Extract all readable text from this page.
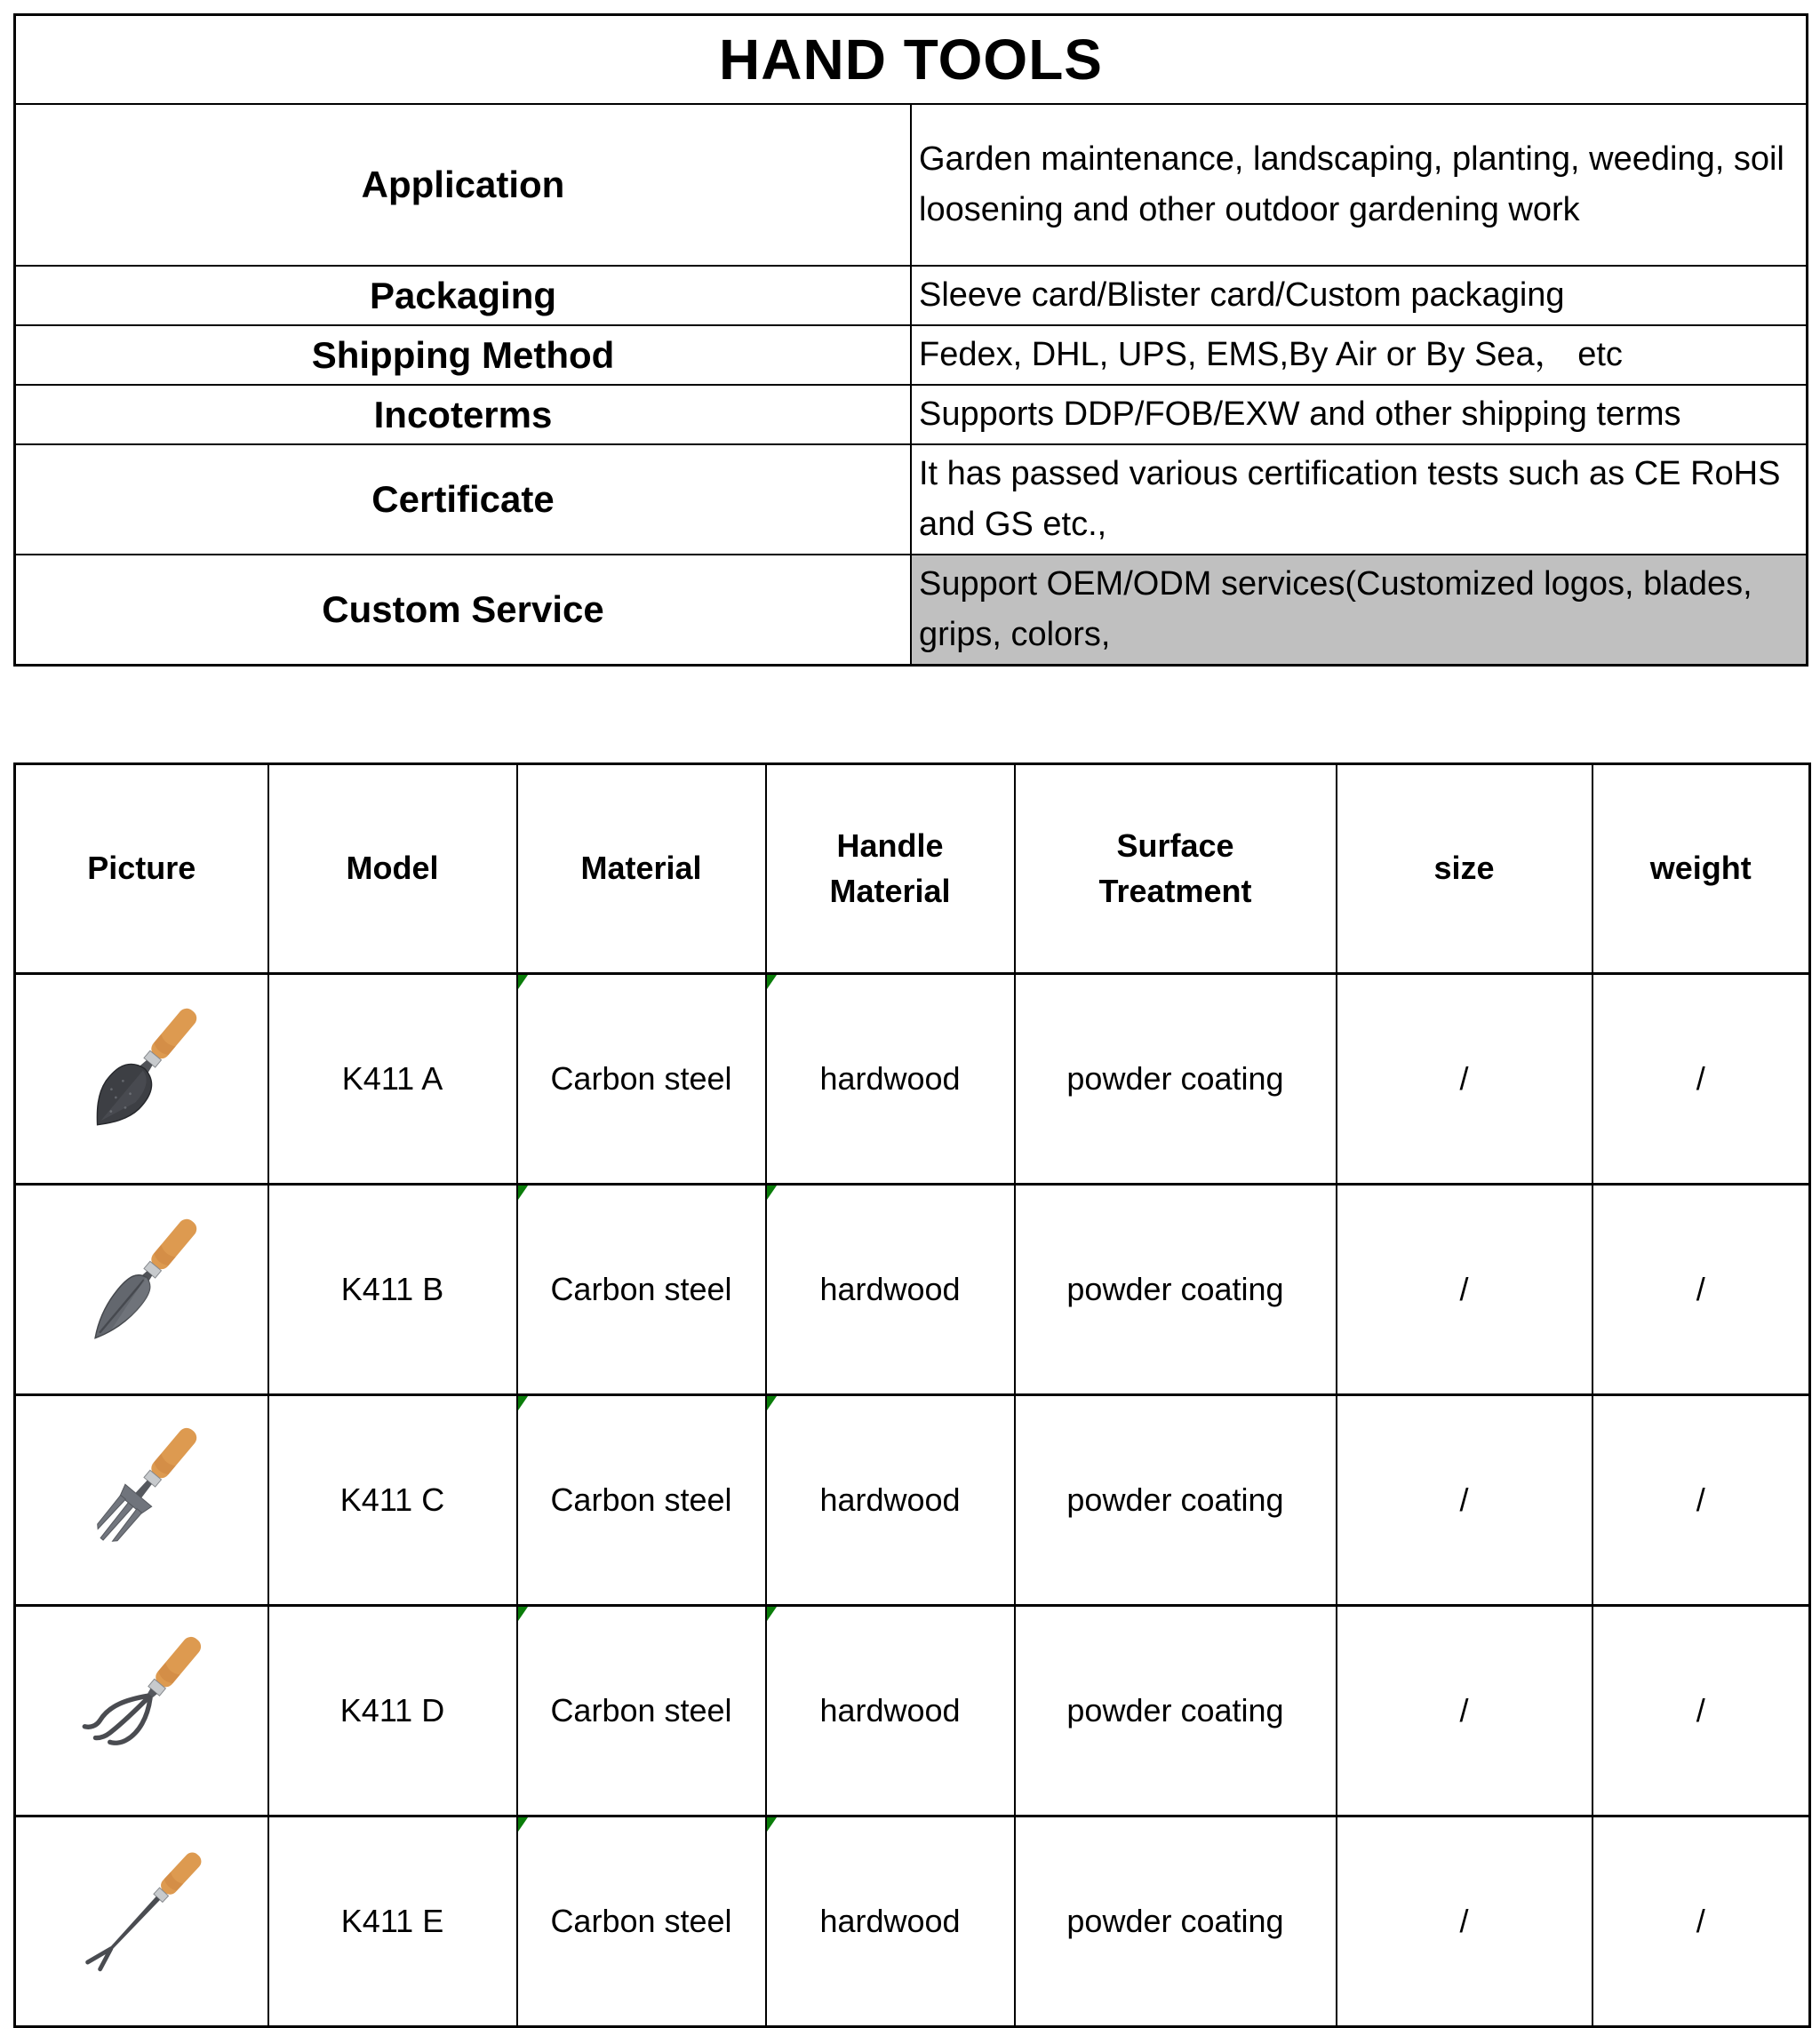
HAND TOOLS	
Application	Garden maintenance, landscaping, planting, weeding, soil loosening and other outdoor gardening work
Packaging	Sleeve card/Blister card/Custom packaging
Shipping Method	Fedex, DHL, UPS, EMS,By Air or By Sea， etc
Incoterms	Supports DDP/FOB/EXW and other shipping terms
Certificate	It has passed various certification tests such as CE RoHS and GS etc.,
Custom Service	Support OEM/ODM services(Customized logos, blades, grips, colors,
Picture	Model	Material	Handle Material	Surface Treatment	size	weight

	K411 A	Carbon steel	hardwood	powder coating	/	/

	K411 B	Carbon steel	hardwood	powder coating	/	/

	K411 C	Carbon steel	hardwood	powder coating	/	/

	K411 D	Carbon steel	hardwood	powder coating	/	/

	K411 E	Carbon steel	hardwood	powder coating	/	/
